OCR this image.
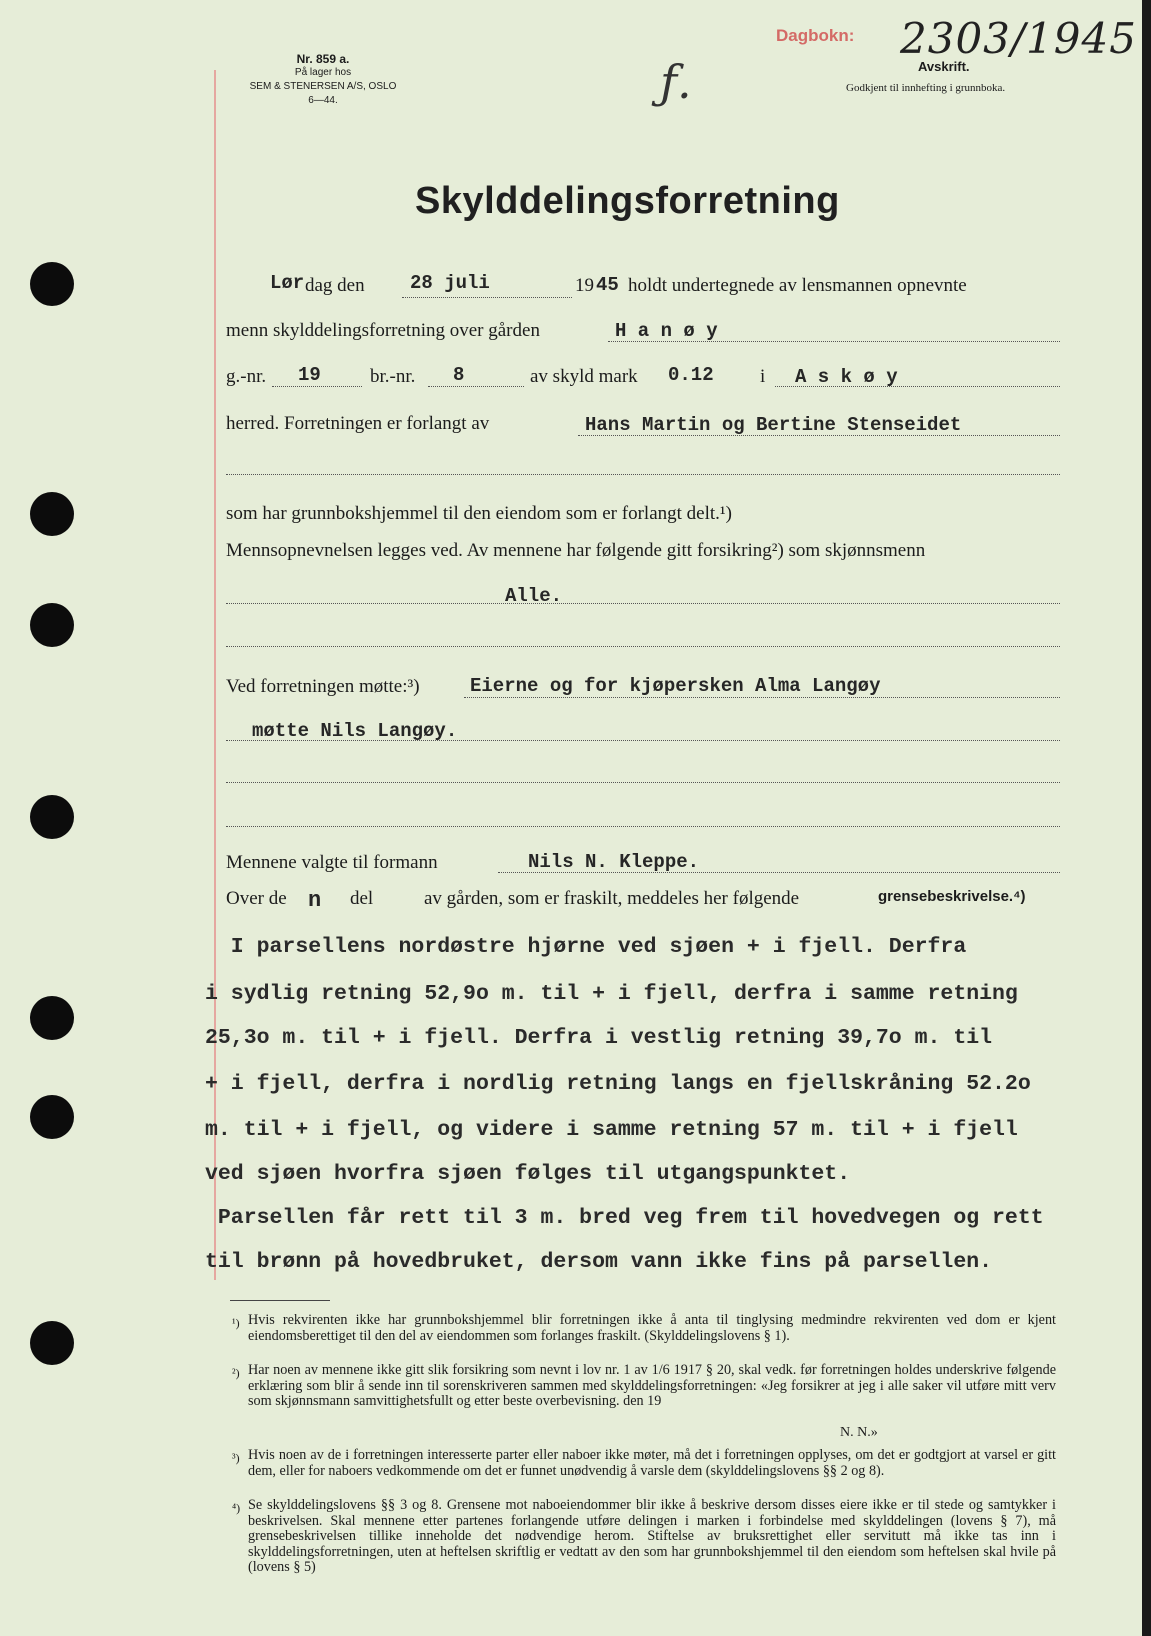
Nr. 859 a.
På lager hos
SEM & STENERSEN A/S, OSLO
6—44.	ƒ.
Dagbokn: 2303/1945
Avskrift.
Godkjent til innhefting i grunnboka.
Skylddelingsforretning
Lør dag den 28 juli	19 45 holdt undertegnede av lensmannen opnevnte
menn skylddelingsforretning over gården	H a n ø y
g.-nr. 19	br.-nr. 8	av skyld mark 0.12 i A s k ø y
herred. Forretningen er forlangt av	Hans Martin og Bertine Stenseidet
som har grunnbokshjemmel til den eiendom som er forlangt delt.¹)
Mennsopnevnelsen legges ved. Av mennene har følgende gitt forsikring²) som skjønnsmenn
Alle.
Ved forretningen møtte:³)	Eierne og for kjøpersken Alma Langøy
møtte Nils Langøy.
Mennene valgte til formann	Nils N. Kleppe.
Over de n del	av gården, som er fraskilt, meddeles her følgende	grensebeskrivelse.⁴)
I parsellens nordøstre hjørne ved sjøen + i fjell. Derfra
i sydlig retning 52,9o m. til + i fjell, derfra i samme retning
25,3o m. til + i fjell. Derfra i vestlig retning 39,7o m. til
+ i fjell, derfra i nordlig retning langs en fjellskråning 52.2o
m. til + i fjell, og videre i samme retning 57 m. til + i fjell
ved sjøen hvorfra sjøen følges til utgangspunktet.
Parsellen får rett til 3 m. bred veg frem til hovedvegen og rett
til brønn på hovedbruket, dersom vann ikke fins på parsellen.
¹) Hvis rekvirenten ikke har grunnbokshjemmel blir forretningen ikke å anta til tinglysing medmindre rekvirenten ved dom er kjent eiendomsberettiget til den del av eiendommen som forlanges fraskilt. (Skylddelingslovens § 1).
²) Har noen av mennene ikke gitt slik forsikring som nevnt i lov nr. 1 av 1/6 1917 § 20, skal vedk. før forretningen holdes underskrive følgende erklæring som blir å sende inn til sorenskriveren sammen med skylddelingsforretningen: «Jeg forsikrer at jeg i alle saker vil utføre mitt verv som skjønnsmann samvittighetsfullt og etter beste overbevisning. den 19
N. N.»
³) Hvis noen av de i forretningen interesserte parter eller naboer ikke møter, må det i forretningen opplyses, om det er godtgjort at varsel er gitt dem, eller for naboers vedkommende om det er funnet unødvendig å varsle dem (skylddelingslovens §§ 2 og 8).
⁴) Se skylddelingslovens §§ 3 og 8. Grensene mot naboeiendommer blir ikke å beskrive dersom disses eiere ikke er til stede og samtykker i beskrivelsen. Skal mennene etter partenes forlangende utføre delingen i marken i forbindelse med skylddelingen (lovens § 7), må grensebeskrivelsen tillike inneholde det nødvendige herom. Stiftelse av bruksrettighet eller servitutt må ikke tas inn i skylddelingsforretningen, uten at heftelsen skriftlig er vedtatt av den som har grunnbokshjemmel til den eiendom som heftelsen skal hvile på (lovens § 5)
